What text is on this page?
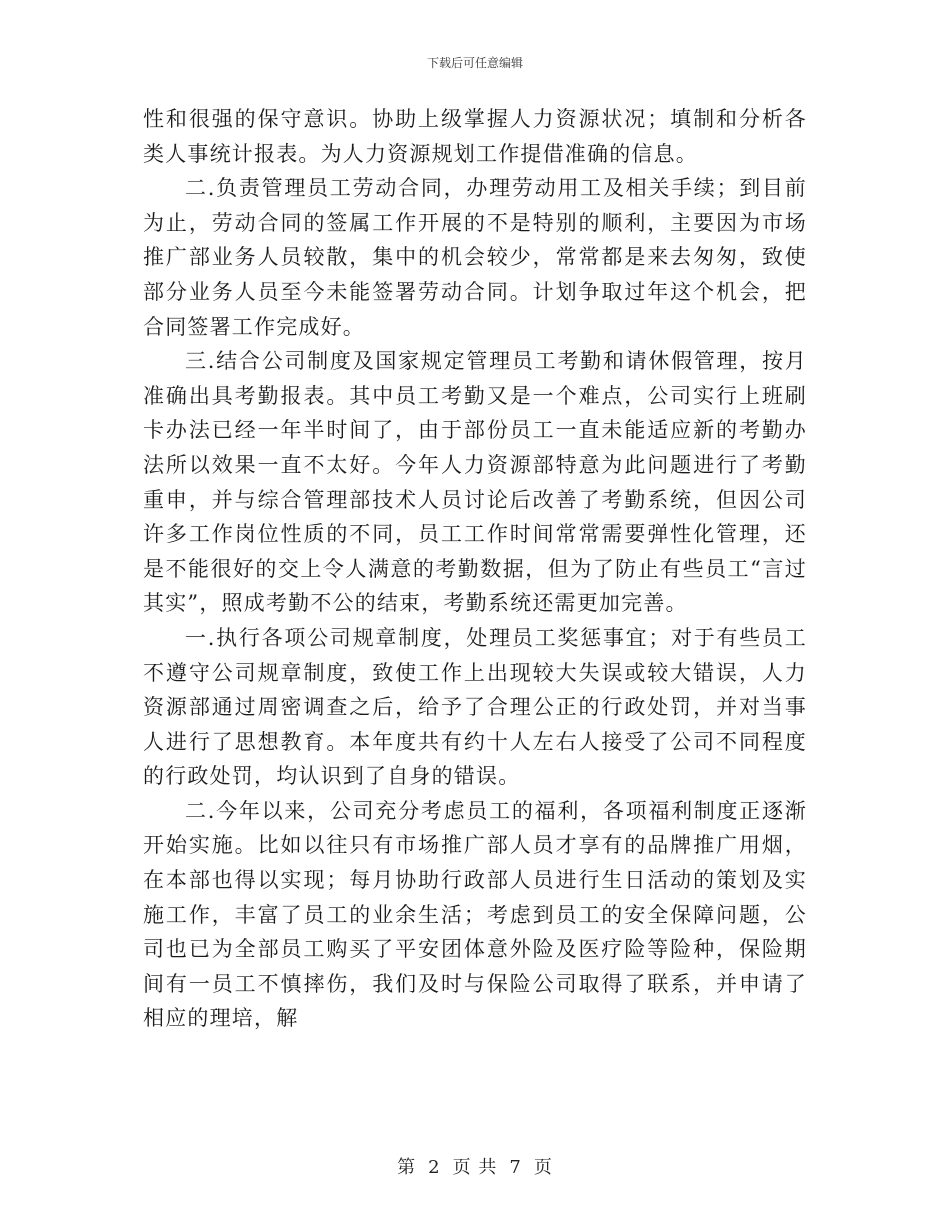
下载后可任意编辑

性和很强的保守意识。协助上级掌握人力资源状况；填制和分析各类人事统计报表。为人力资源规划工作提借准确的信息。

二.负责管理员工劳动合同，办理劳动用工及相关手续；到目前为止，劳动合同的签属工作开展的不是特别的顺利，主要因为市场推广部业务人员较散，集中的机会较少，常常都是来去匆匆，致使部分业务人员至今未能签署劳动合同。计划争取过年这个机会，把合同签署工作完成好。

三.结合公司制度及国家规定管理员工考勤和请休假管理，按月准确出具考勤报表。其中员工考勤又是一个难点，公司实行上班刷卡办法已经一年半时间了，由于部份员工一直未能适应新的考勤办法所以效果一直不太好。今年人力资源部特意为此问题进行了考勤重申，并与综合管理部技术人员讨论后改善了考勤系统，但因公司许多工作岗位性质的不同，员工工作时间常常需要弹性化管理，还是不能很好的交上令人满意的考勤数据，但为了防止有些员工“言过其实”，照成考勤不公的结束，考勤系统还需更加完善。

一.执行各项公司规章制度，处理员工奖惩事宜；对于有些员工不遵守公司规章制度，致使工作上出现较大失误或较大错误，人力资源部通过周密调查之后，给予了合理公正的行政处罚，并对当事人进行了思想教育。本年度共有约十人左右人接受了公司不同程度的行政处罚，均认识到了自身的错误。

二.今年以来，公司充分考虑员工的福利，各项福利制度正逐渐开始实施。比如以往只有市场推广部人员才享有的品牌推广用烟，在本部也得以实现；每月协助行政部人员进行生日活动的策划及实施工作，丰富了员工的业余生活；考虑到员工的安全保障问题，公司也已为全部员工购买了平安团体意外险及医疗险等险种，保险期间有一员工不慎摔伤，我们及时与保险公司取得了联系，并申请了相应的理培，解

第 2 页 共 7 页
